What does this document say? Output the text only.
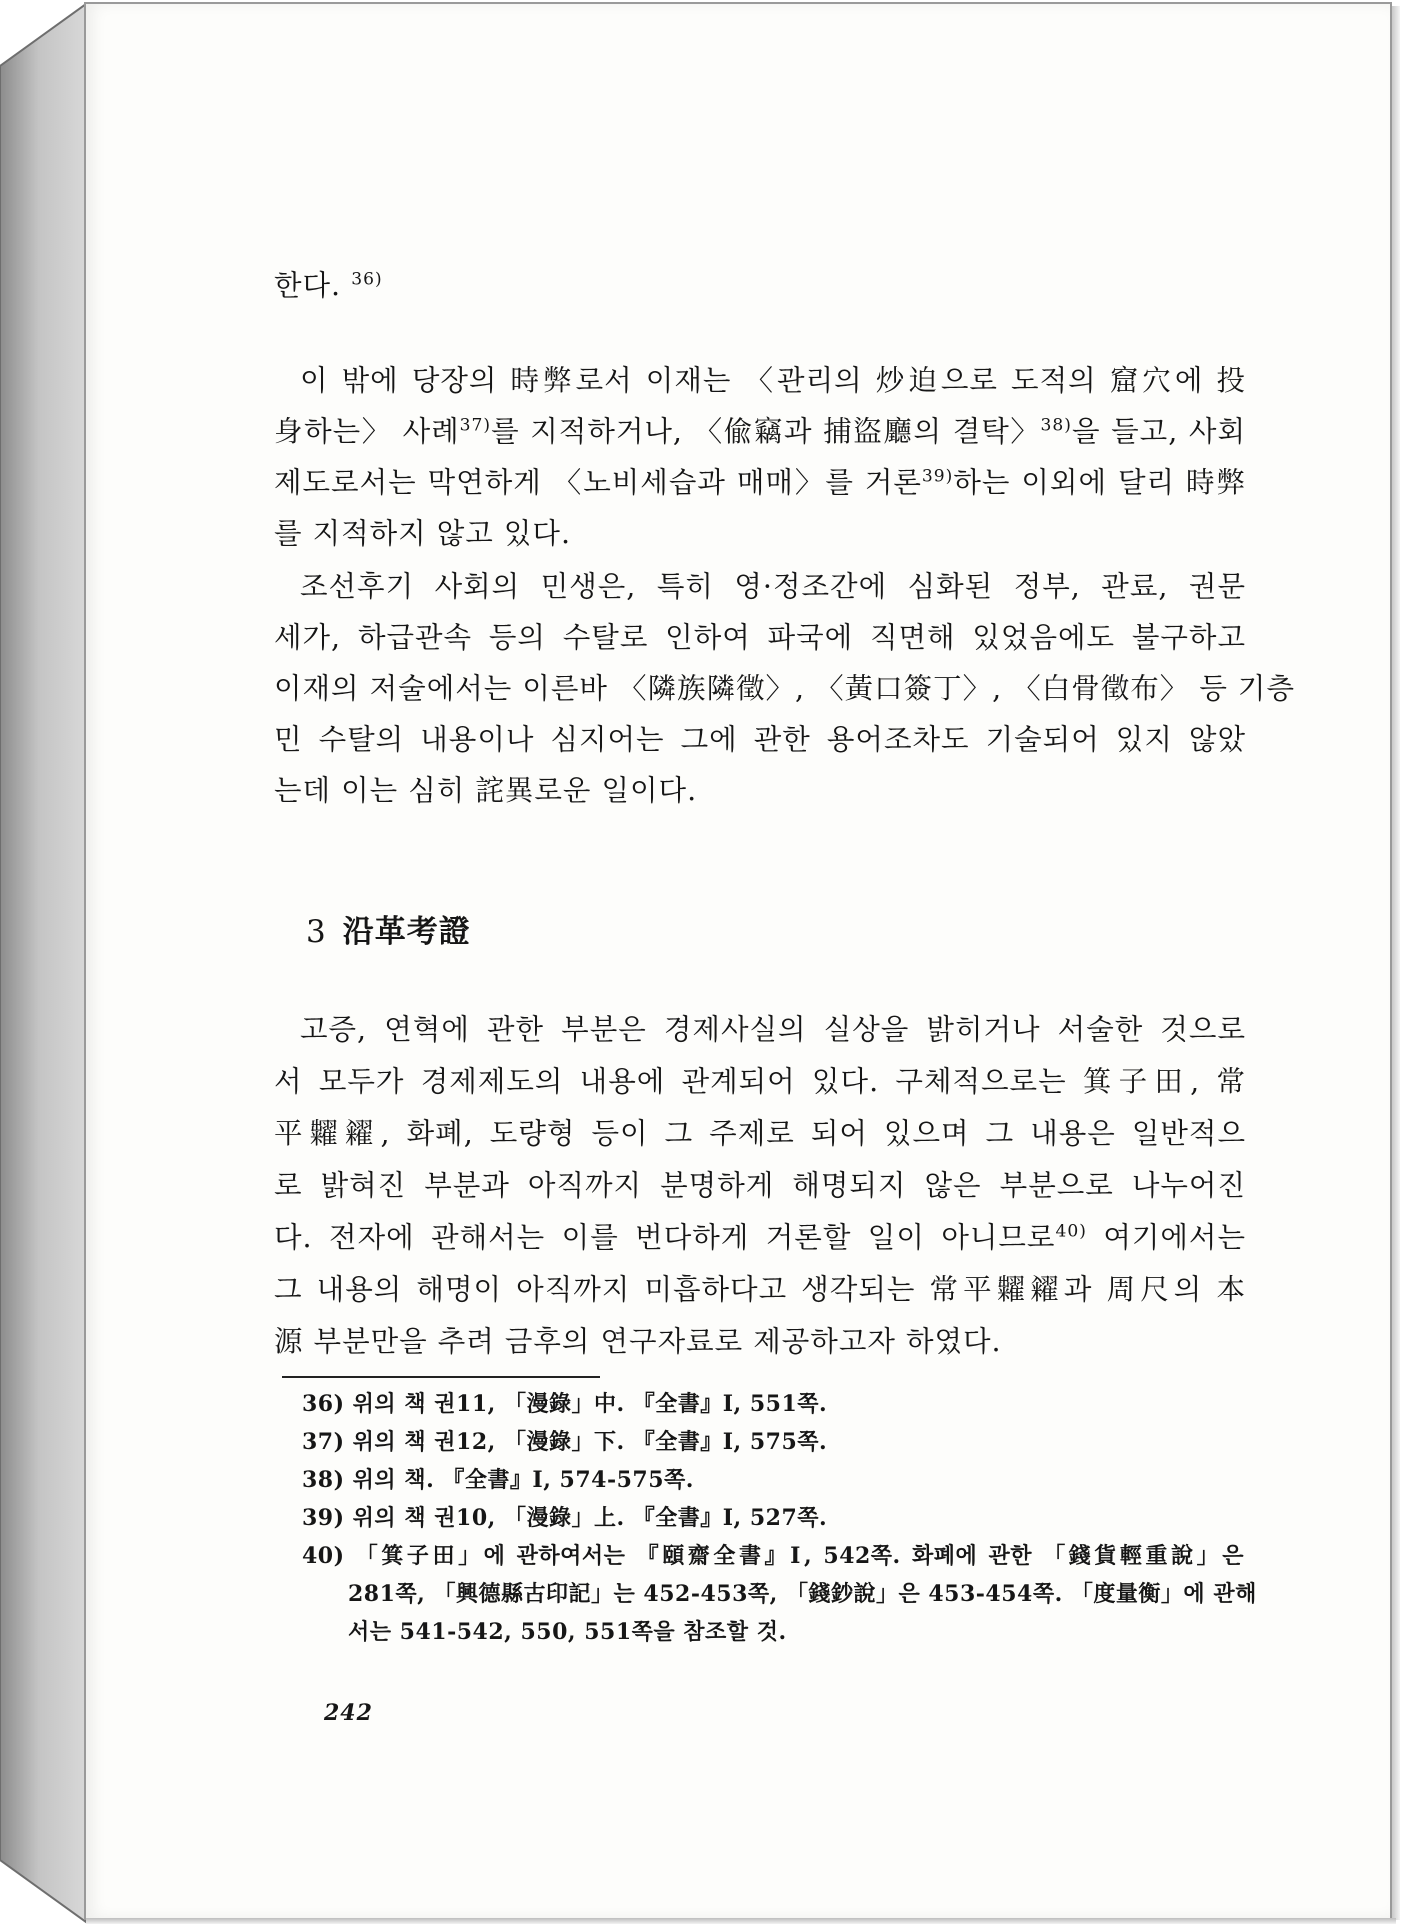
한다. $^{36)}$
이 밖에 당장의 時弊로서 이재는 〈관리의 炒迫으로 도적의 窟穴에 投
身하는〉 사례$^{37)}$를 지적하거나, 〈偸竊과 捕盜廳의 결탁〉$^{38)}$을 들고, 사회
제도로서는 막연하게 〈노비세습과 매매〉를 거론$^{39)}$하는 이외에 달리 時弊
를 지적하지 않고 있다.
조선후기 사회의 민생은, 특히 영·정조간에 심화된 정부, 관료, 권문
세가, 하급관속 등의 수탈로 인하여 파국에 직면해 있었음에도 불구하고
이재의 저술에서는 이른바 〈隣族隣徵〉, 〈黃口簽丁〉, 〈白骨徵布〉 등 기층
민 수탈의 내용이나 심지어는 그에 관한 용어조차도 기술되어 있지 않았
는데 이는 심히 詫異로운 일이다.
3 沿革考證
고증, 연혁에 관한 부분은 경제사실의 실상을 밝히거나 서술한 것으로
서 모두가 경제제도의 내용에 관계되어 있다. 구체적으로는 箕子田, 常
平糶糴, 화폐, 도량형 등이 그 주제로 되어 있으며 그 내용은 일반적으
로 밝혀진 부분과 아직까지 분명하게 해명되지 않은 부분으로 나누어진
다. 전자에 관해서는 이를 번다하게 거론할 일이 아니므로$^{40)}$ 여기에서는
그 내용의 해명이 아직까지 미흡하다고 생각되는 常平糶糴과 周尺의 本
源 부분만을 추려 금후의 연구자료로 제공하고자 하였다.
36) 위의 책 권11, 「漫錄」中. 『全書』Ⅰ, 551쪽.
37) 위의 책 권12, 「漫錄」下. 『全書』Ⅰ, 575쪽.
38) 위의 책. 『全書』Ⅰ, 574-575쪽.
39) 위의 책 권10, 「漫錄」上. 『全書』Ⅰ, 527쪽.
40) 「箕子田」에 관하여서는 『頤齋全書』Ⅰ, 542쪽. 화폐에 관한 「錢貨輕重說」은
281쪽, 「興德縣古印記」는 452-453쪽, 「錢鈔說」은 453-454쪽. 「度量衡」에 관해
서는 541-542, 550, 551쪽을 참조할 것.
242
